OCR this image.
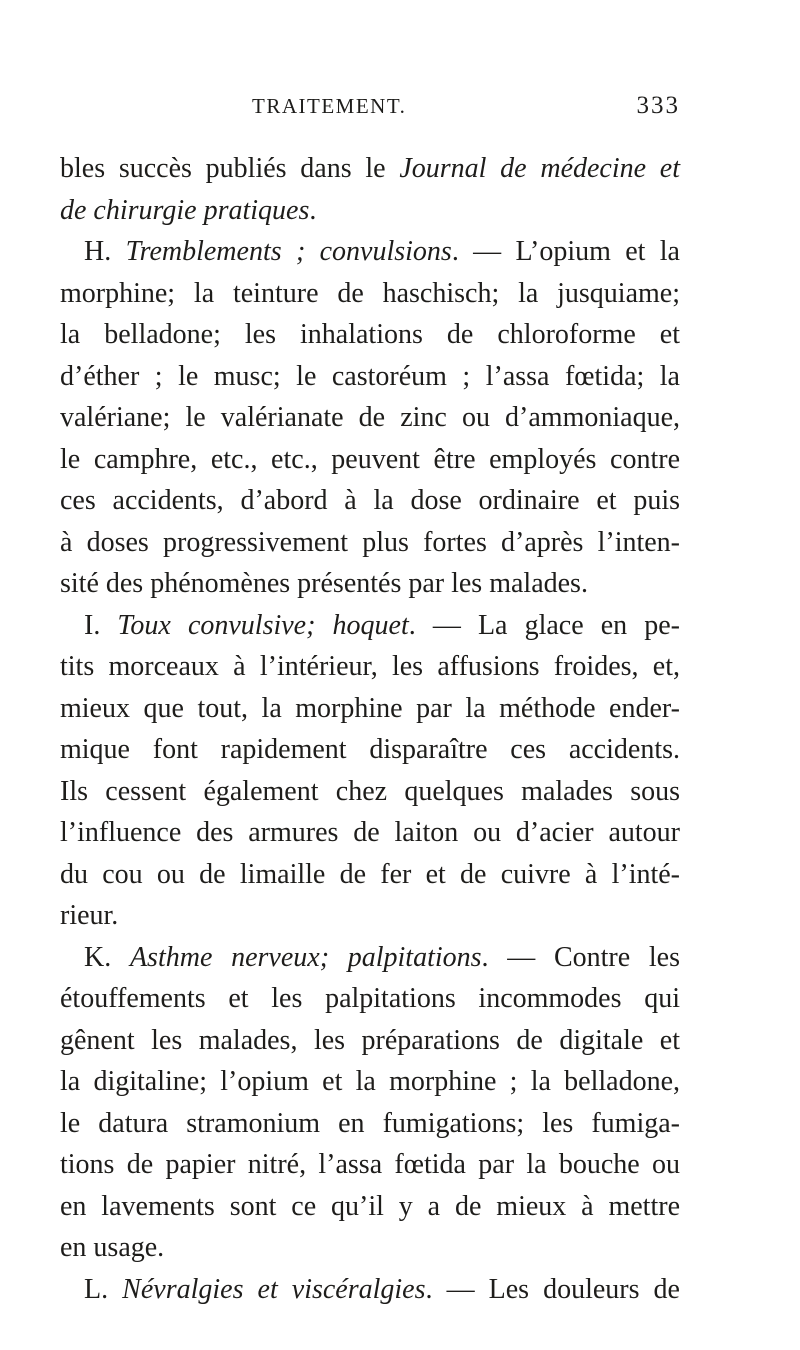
TRAITEMENT.	333
bles succès publiés dans le Journal de médecine et
de chirurgie pratiques.
H. Tremblements ; convulsions. — L’opium et la
morphine; la teinture de haschisch; la jusquiame;
la belladone; les inhalations de chloroforme et
d’éther ; le musc; le castoréum ; l’assa fœtida; la
valériane; le valérianate de zinc ou d’ammoniaque,
le camphre, etc., etc., peuvent être employés contre
ces accidents, d’abord à la dose ordinaire et puis
à doses progressivement plus fortes d’après l’inten-
sité des phénomènes présentés par les malades.
I. Toux convulsive; hoquet. — La glace en pe-
tits morceaux à l’intérieur, les affusions froides, et,
mieux que tout, la morphine par la méthode ender-
mique font rapidement disparaître ces accidents.
Ils cessent également chez quelques malades sous
l’influence des armures de laiton ou d’acier autour
du cou ou de limaille de fer et de cuivre à l’inté-
rieur.
K. Asthme nerveux; palpitations. — Contre les
étouffements et les palpitations incommodes qui
gênent les malades, les préparations de digitale et
la digitaline; l’opium et la morphine ; la belladone,
le datura stramonium en fumigations; les fumiga-
tions de papier nitré, l’assa fœtida par la bouche ou
en lavements sont ce qu’il y a de mieux à mettre
en usage.
L. Névralgies et viscéralgies. — Les douleurs de
